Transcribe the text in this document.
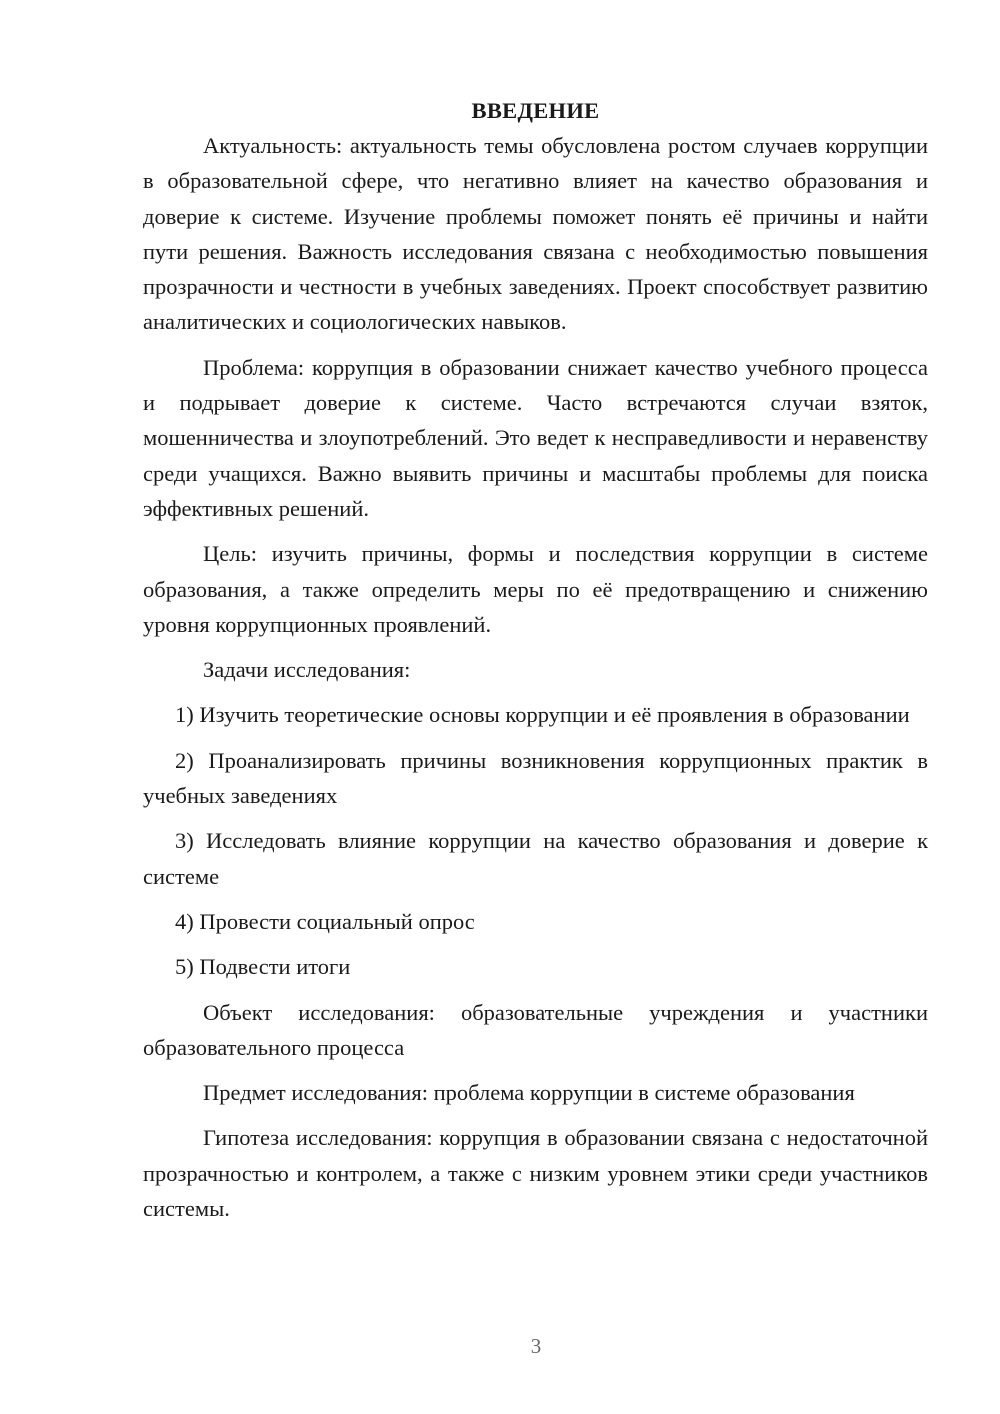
ВВЕДЕНИЕ

Актуальность: актуальность темы обусловлена ростом случаев коррупции в образовательной сфере, что негативно влияет на качество образования и доверие к системе. Изучение проблемы поможет понять её причины и найти пути решения. Важность исследования связана с необходимостью повышения прозрачности и честности в учебных заведениях. Проект способствует развитию аналитических и социологических навыков.

Проблема: коррупция в образовании снижает качество учебного процесса и подрывает доверие к системе. Часто встречаются случаи взяток, мошенничества и злоупотреблений. Это ведет к несправедливости и неравенству среди учащихся. Важно выявить причины и масштабы проблемы для поиска эффективных решений.

Цель: изучить причины, формы и последствия коррупции в системе образования, а также определить меры по её предотвращению и снижению уровня коррупционных проявлений.

Задачи исследования:

1) Изучить теоретические основы коррупции и её проявления в образовании

2) Проанализировать причины возникновения коррупционных практик в учебных заведениях

3) Исследовать влияние коррупции на качество образования и доверие к системе

4) Провести социальный опрос

5) Подвести итоги

Объект исследования: образовательные учреждения и участники образовательного процесса

Предмет исследования: проблема коррупции в системе образования

Гипотеза исследования: коррупция в образовании связана с недостаточной прозрачностью и контролем, а также с низким уровнем этики среди участников системы.

3
